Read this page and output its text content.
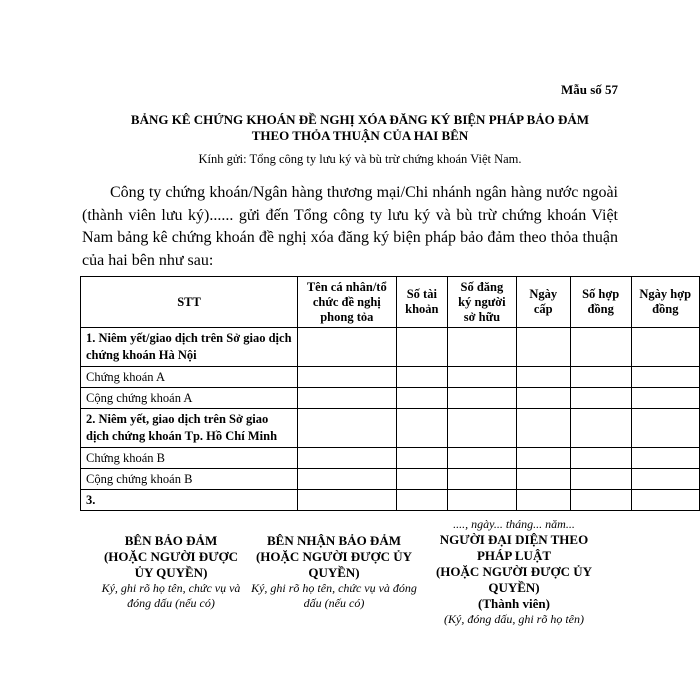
Mẫu số 57
BẢNG KÊ CHỨNG KHOÁN ĐỀ NGHỊ XÓA ĐĂNG KÝ BIỆN PHÁP BẢO ĐẢM
THEO THỎA THUẬN CỦA HAI BÊN
Kính gửi: Tổng công ty lưu ký và bù trừ chứng khoán Việt Nam.
Công ty chứng khoán/Ngân hàng thương mại/Chi nhánh ngân hàng nước ngoài (thành viên lưu ký)...... gửi đến Tổng công ty lưu ký và bù trừ chứng khoán Việt Nam bảng kê chứng khoán đề nghị xóa đăng ký biện pháp bảo đảm theo thỏa thuận của hai bên như sau:
STT	Tên cá nhân/tổ chức đề nghị phong tỏa	Số tài khoản	Số đăng ký người sở hữu	Ngày cấp	Số hợp đồng	Ngày hợp đồng
1. Niêm yết/giao dịch trên Sở giao dịch chứng khoán Hà Nội						
Chứng khoán A						
Cộng chứng khoán A						
2. Niêm yết, giao dịch trên Sở giao dịch chứng khoán Tp. Hồ Chí Minh						
Chứng khoán B						
Cộng chứng khoán B						
3.						
BÊN BẢO ĐẢM
(HOẶC NGƯỜI ĐƯỢC ỦY QUYỀN)
Ký, ghi rõ họ tên, chức vụ và đóng dấu (nếu có)
BÊN NHẬN BẢO ĐẢM
(HOẶC NGƯỜI ĐƯỢC ỦY QUYỀN)
Ký, ghi rõ họ tên, chức vụ và đóng dấu (nếu có)
...., ngày... tháng... năm...
NGƯỜI ĐẠI DIỆN THEO PHÁP LUẬT
(HOẶC NGƯỜI ĐƯỢC ỦY QUYỀN)
(Thành viên)
(Ký, đóng dấu, ghi rõ họ tên)
